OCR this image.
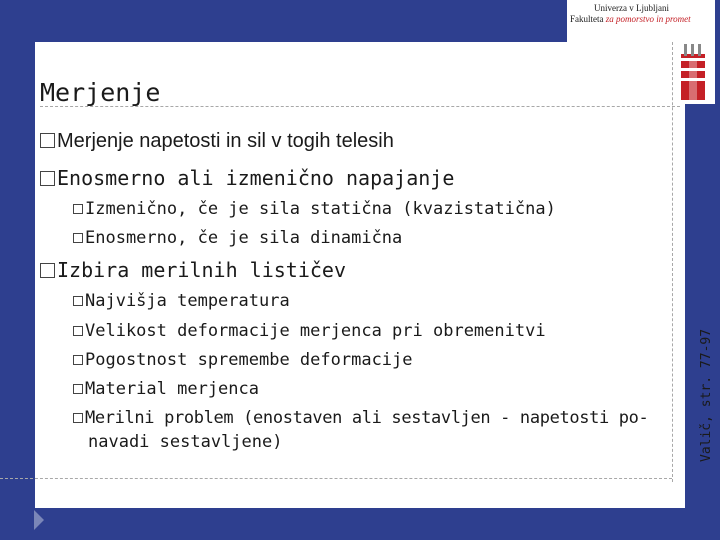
Univerza v Ljubljani
Fakulteta za pomorstvo in promet
Merjenje
Merjenje napetosti in sil v togih telesih
Enosmerno ali izmenično napajanje
Izmenično, če je sila statična (kvazistatična)
Enosmerno, če je sila dinamična
Izbira merilnih lističev
Najvišja temperatura
Velikost deformacije merjenca pri obremenitvi
Pogostnost spremembe deformacije
Material merjenca
Merilni problem (enostaven ali sestavljen - napetosti po-
navadi sestavljene)	Valič, str. 77-97
